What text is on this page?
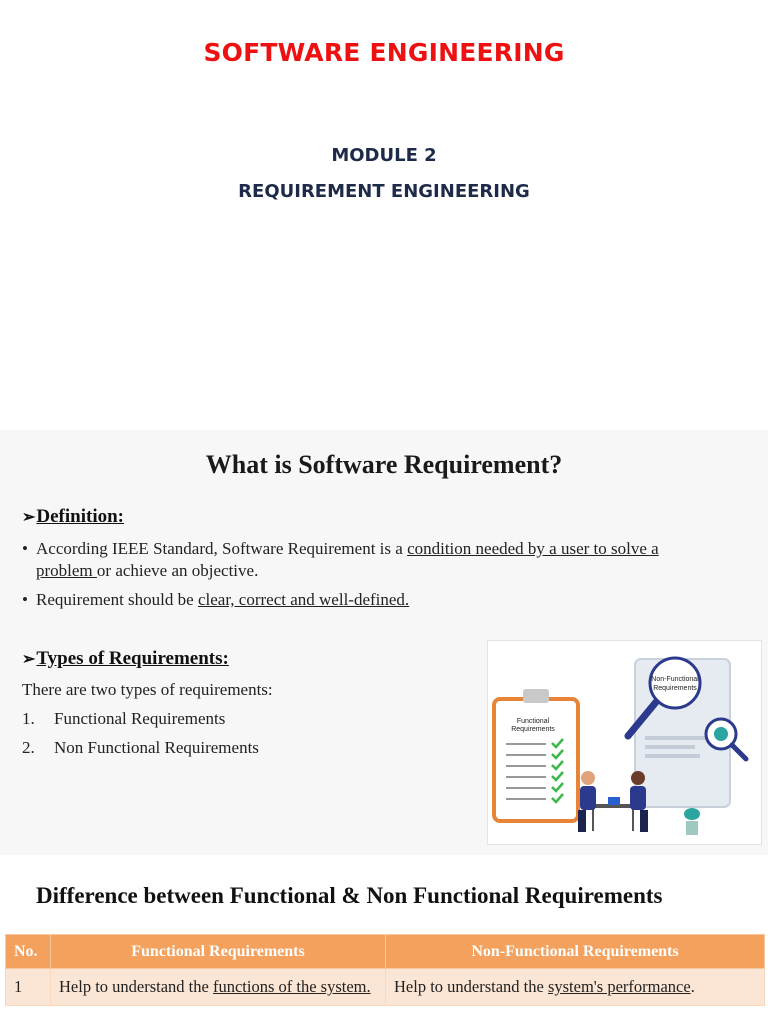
SOFTWARE ENGINEERING
MODULE 2
REQUIREMENT ENGINEERING
What is Software Requirement?
➢Definition:
• According IEEE Standard, Software Requirement is a condition needed by a user to solve a
problem or achieve an objective.
• Requirement should be clear, correct and well-defined.
➢Types of Requirements:
There are two types of requirements:
1. Functional Requirements
2. Non Functional Requirements
Non-Functional
Requirements
Functional
Requirements
Difference between Functional & Non Functional Requirements
No.	Functional Requirements	Non-Functional Requirements
1	Help to understand the functions of the system.	Help to understand the system's performance.
